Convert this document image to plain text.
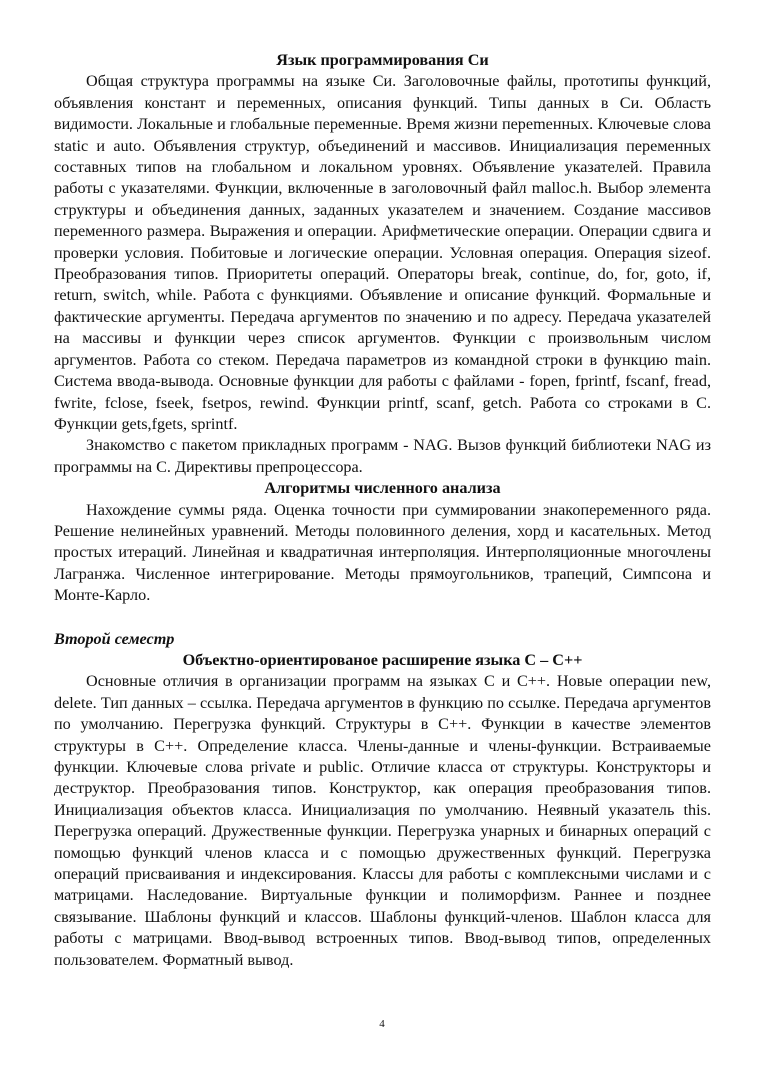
Язык программирования Си

Общая структура программы на языке Си. Заголовочные файлы, прототипы функций, объявления констант и переменных, описания функций. Типы данных в Си. Область видимости. Локальные и глобальные переменные. Время жизни переmенных. Ключевые слова static и auto. Объявления структур, объединений и массивов. Инициализация переменных составных типов на глобальном и локальном уровнях. Объявление указателей. Правила работы с указателями. Функции, включенные в заголовочный файл malloc.h. Выбор элемента структуры и объединения данных, заданных указателем и значением. Создание массивов переменного размера. Выражения и операции. Арифметические операции. Операции сдвига и проверки условия. Побитовые и логические операции. Условная операция. Операция sizeof. Преобразования типов. Приоритеты операций. Операторы break, continue, do, for, goto, if, return, switch, while. Работа с функциями. Объявление и описание функций. Формальные и фактические аргументы. Передача аргументов по значению и по адресу. Передача указателей на массивы и функции через список аргументов. Функции с произвольным числом аргументов. Работа со стеком. Передача параметров из командной строки в функцию main. Система ввода-вывода. Основные функции для работы с файлами - fopen, fprintf, fscanf, fread, fwrite, fclose, fseek, fsetpos, rewind. Функции printf, scanf, getch. Работа со строками в С. Функции gets,fgets, sprintf.

Знакомство с пакетом прикладных программ - NAG. Вызов функций библиотеки NAG из программы на С. Директивы препроцессора.

Алгоритмы численного анализа

Нахождение суммы ряда. Оценка точности при суммировании знакопеременного ряда. Решение нелинейных уравнений. Методы половинного деления, хорд и касательных. Метод простых итераций. Линейная и квадратичная интерполяция. Интерполяционные многочлены Лагранжа. Численное интегрирование. Методы прямоугольников, трапеций, Симпсона и Монте-Карло.

Второй семестр

Объектно-ориентированое расширение языка С – С++

Основные отличия в организации программ на языках С и С++. Новые операции new, delete. Тип данных – ссылка. Передача аргументов в функцию по ссылке. Передача аргументов по умолчанию. Перегрузка функций. Структуры в С++. Функции в качестве элементов структуры в С++. Определение класса. Члены-данные и члены-функции. Встраиваемые функции. Ключевые слова private и public. Отличие класса от структуры. Конструкторы и деструктор. Преобразования типов. Конструктор, как операция преобразования типов. Инициализация объектов класса. Инициализация по умолчанию. Неявный указатель this. Перегрузка операций. Дружественные функции. Перегрузка унарных и бинарных операций с помощью функций членов класса и с помощью дружественных функций. Перегрузка операций присваивания и индексирования. Классы для работы с комплексными числами и с матрицами. Наследование. Виртуальные функции и полиморфизм. Раннее и позднее связывание. Шаблоны функций и классов. Шаблоны функций-членов. Шаблон класса для работы с матрицами. Ввод-вывод встроенных типов. Ввод-вывод типов, определенных пользователем. Форматный вывод.

4
